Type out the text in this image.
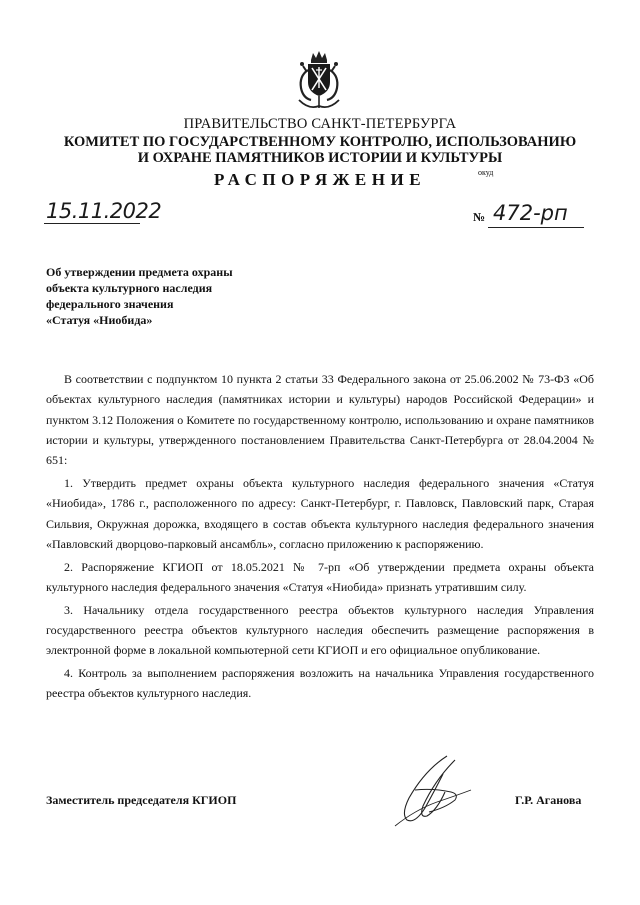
ПРАВИТЕЛЬСТВО САНКТ-ПЕТЕРБУРГА
КОМИТЕТ ПО ГОСУДАРСТВЕННОМУ КОНТРОЛЮ, ИСПОЛЬЗОВАНИЮ
И ОХРАНЕ ПАМЯТНИКОВ ИСТОРИИ И КУЛЬТУРЫ
РАСПОРЯЖЕНИЕ	окуд
15.11.2022	№ 472-рп
Об утверждении предмета охраны
объекта культурного наследия
федерального значения
«Статуя «Ниобида»

В соответствии с подпунктом 10 пункта 2 статьи 33 Федерального закона от 25.06.2002 № 73-ФЗ «Об объектах культурного наследия (памятниках истории и культуры) народов Российской Федерации» и пунктом 3.12 Положения о Комитете по государственному контролю, использованию и охране памятников истории и культуры, утвержденного постановлением Правительства Санкт-Петербурга от 28.04.2004 № 651:

1. Утвердить предмет охраны объекта культурного наследия федерального значения «Статуя «Ниобида», 1786 г., расположенного по адресу: Санкт-Петербург, г. Павловск, Павловский парк, Старая Сильвия, Окружная дорожка, входящего в состав объекта культурного наследия федерального значения «Павловский дворцово-парковый ансамбль», согласно приложению к распоряжению.

2. Распоряжение КГИОП от 18.05.2021 № 7-рп «Об утверждении предмета охраны объекта культурного наследия федерального значения «Статуя «Ниобида» признать утратившим силу.

3. Начальнику отдела государственного реестра объектов культурного наследия Управления государственного реестра объектов культурного наследия обеспечить размещение распоряжения в электронной форме в локальной компьютерной сети КГИОП и его официальное опубликование.

4. Контроль за выполнением распоряжения возложить на начальника Управления государственного реестра объектов культурного наследия.

Заместитель председателя КГИОП	Г.Р. Аганова
